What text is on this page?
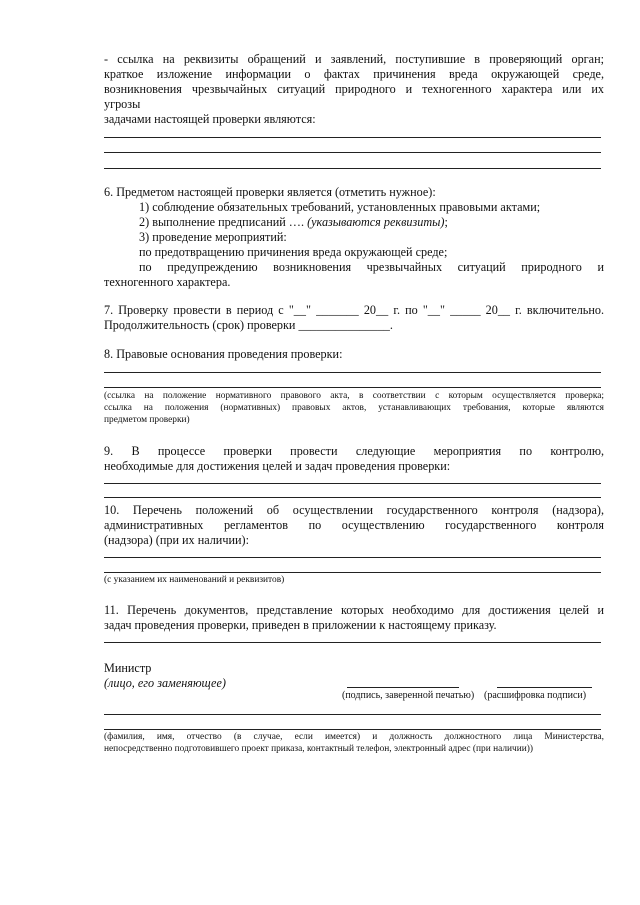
- ссылка на реквизиты обращений и заявлений, поступившие в проверяющий орган;

краткое изложение информации о фактах причинения вреда окружающей среде,

возникновения чрезвычайных ситуаций природного и техногенного характера или их

угрозы

задачами настоящей проверки являются:

6. Предметом настоящей проверки является (отметить нужное):

1) соблюдение обязательных требований, установленных правовыми актами;

2) выполнение предписаний …. (указываются реквизиты);

3) проведение мероприятий:

по предотвращению причинения вреда окружающей среде;

по предупреждению возникновения чрезвычайных ситуаций природного и

техногенного характера.

7. Проверку провести в период с "__" _______ 20__ г. по "__" _____ 20__ г. включительно.

Продолжительность (срок) проверки _______________.

8. Правовые основания проведения проверки:

(ссылка на положение нормативного правового акта, в соответствии с которым осуществляется проверка;

ссылка на положения (нормативных) правовых актов, устанавливающих требования, которые являются

предметом проверки)

9. В процессе проверки провести следующие мероприятия по контролю,

необходимые для достижения целей и задач проведения проверки:

10. Перечень положений об осуществлении государственного контроля (надзора),

административных регламентов по осуществлению государственного контроля

(надзора) (при их наличии):

(с указанием их наименований и реквизитов)

11. Перечень документов, представление которых необходимо для достижения целей и

задач проведения проверки, приведен в приложении к настоящему приказу.

Министр

(лицо, его заменяющее)

(подпись, заверенной печатью) (расшифровка подписи)

(фамилия, имя, отчество (в случае, если имеется) и должность должностного лица Министерства,

непосредственно подготовившего проект приказа, контактный телефон, электронный адрес (при наличии))
